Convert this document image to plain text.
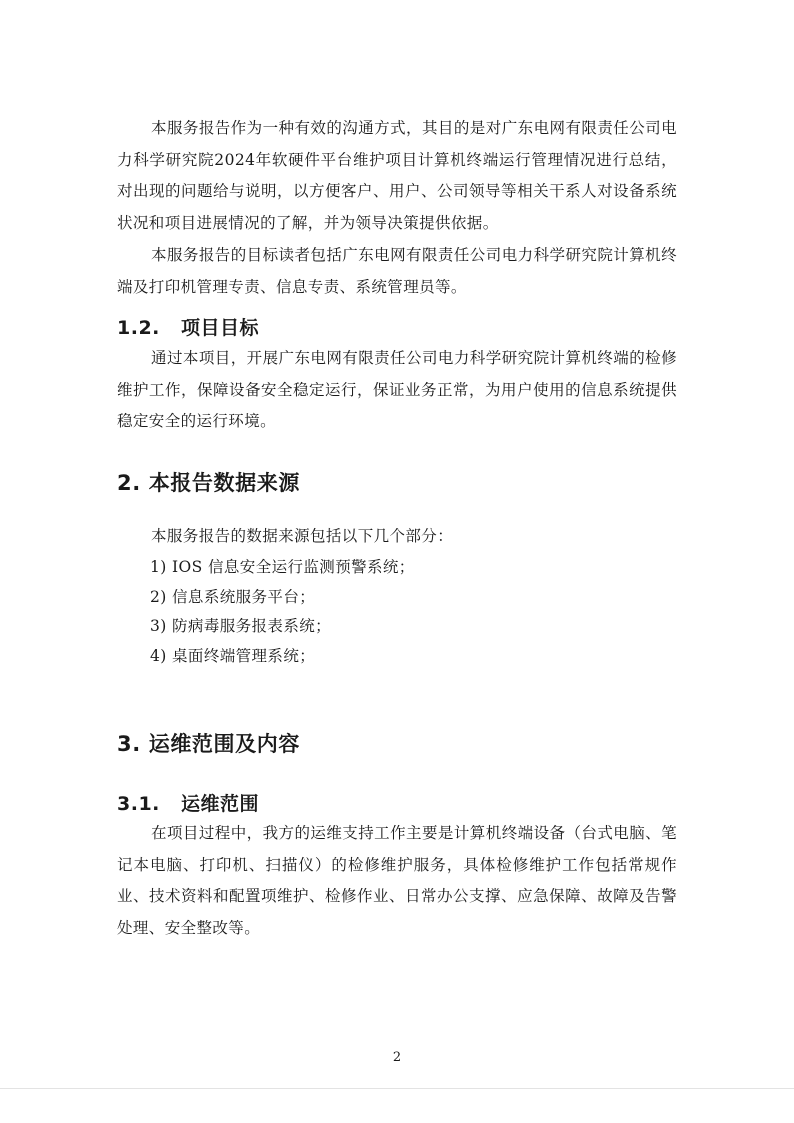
本服务报告作为一种有效的沟通方式，其目的是对广东电网有限责任公司电力科学研究院2024年软硬件平台维护项目计算机终端运行管理情况进行总结，对出现的问题给与说明，以方便客户、用户、公司领导等相关干系人对设备系统状况和项目进展情况的了解，并为领导决策提供依据。

本服务报告的目标读者包括广东电网有限责任公司电力科学研究院计算机终端及打印机管理专责、信息专责、系统管理员等。

1.2. 项目目标

通过本项目，开展广东电网有限责任公司电力科学研究院计算机终端的检修维护工作，保障设备安全稳定运行，保证业务正常，为用户使用的信息系统提供稳定安全的运行环境。

2. 本报告数据来源

本服务报告的数据来源包括以下几个部分：

1) IOS 信息安全运行监测预警系统；
2) 信息系统服务平台；
3) 防病毒服务报表系统；
4) 桌面终端管理系统；
3. 运维范围及内容
3.1. 运维范围

在项目过程中，我方的运维支持工作主要是计算机终端设备（台式电脑、笔记本电脑、打印机、扫描仪）的检修维护服务，具体检修维护工作包括常规作业、技术资料和配置项维护、检修作业、日常办公支撑、应急保障、故障及告警处理、安全整改等。

2
